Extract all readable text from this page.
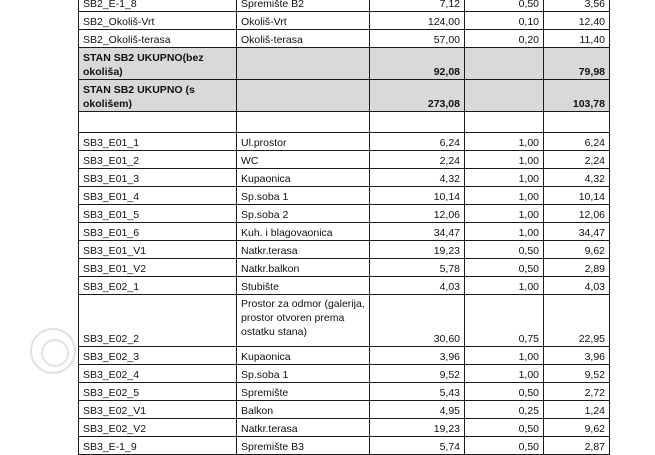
SB2_E-1_8	Spremište B2	7,12	0,50	3,56
SB2_Okoliš-Vrt	Okoliš-Vrt	124,00	0,10	12,40
SB2_Okoliš-terasa	Okoliš-terasa	57,00	0,20	11,40
STAN SB2 UKUPNO(bez okoliša)		92,08		79,98
STAN SB2 UKUPNO (s okolišem)		273,08		103,78

SB3_E01_1	Ul.prostor	6,24	1,00	6,24
SB3_E01_2	WC	2,24	1,00	2,24
SB3_E01_3	Kupaonica	4,32	1,00	4,32
SB3_E01_4	Sp.soba 1	10,14	1,00	10,14
SB3_E01_5	Sp.soba 2	12,06	1,00	12,06
SB3_E01_6	Kuh. i blagovaonica	34,47	1,00	34,47
SB3_E01_V1	Natkr.terasa	19,23	0,50	9,62
SB3_E01_V2	Natkr.balkon	5,78	0,50	2,89
SB3_E02_1	Stubište	4,03	1,00	4,03
SB3_E02_2	Prostor za odmor (galerija, prostor otvoren prema ostatku stana)	30,60	0,75	22,95
SB3_E02_3	Kupaonica	3,96	1,00	3,96
SB3_E02_4	Sp.soba 1	9,52	1,00	9,52
SB3_E02_5	Spremište	5,43	0,50	2,72
SB3_E02_V1	Balkon	4,95	0,25	1,24
SB3_E02_V2	Natkr.terasa	19,23	0,50	9,62
SB3_E-1_9	Spremište B3	5,74	0,50	2,87
